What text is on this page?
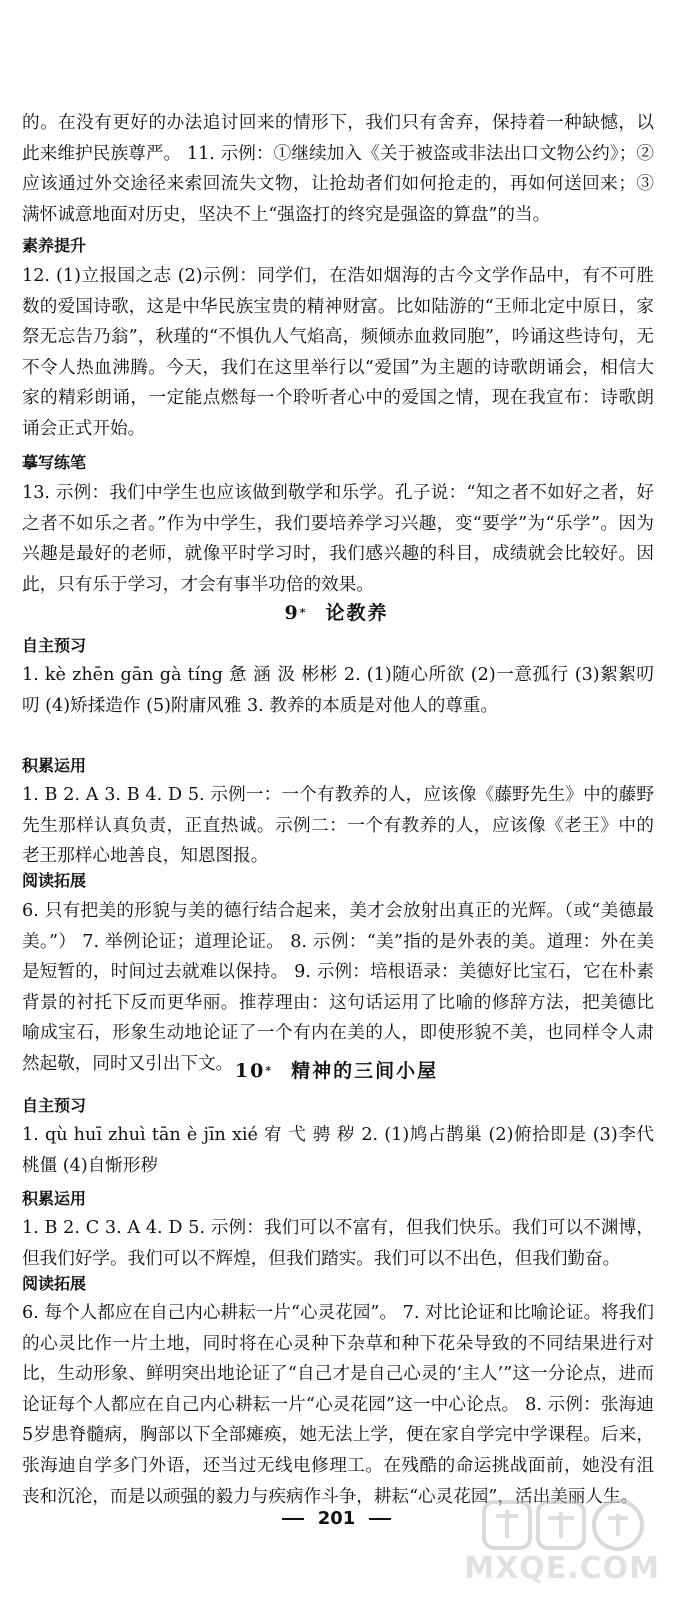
的。在没有更好的办法追讨回来的情形下，我们只有舍弃，保持着一种缺憾，以此来维护民族尊严。 11. 示例：①继续加入《关于被盗或非法出口文物公约》；②应该通过外交途径来索回流失文物，让抢劫者们如何抢走的，再如何送回来；③满怀诚意地面对历史，坚决不上“强盗打的终究是强盗的算盘”的当。

素养提升

12. (1)立报国之志 (2)示例：同学们，在浩如烟海的古今文学作品中，有不可胜数的爱国诗歌，这是中华民族宝贵的精神财富。比如陆游的“王师北定中原日，家祭无忘告乃翁”，秋瑾的“不惧仇人气焰高，频倾赤血救同胞”，吟诵这些诗句，无不令人热血沸腾。今天，我们在这里举行以“爱国”为主题的诗歌朗诵会，相信大家的精彩朗诵，一定能点燃每一个聆听者心中的爱国之情，现在我宣布：诗歌朗诵会正式开始。

摹写练笔

13. 示例：我们中学生也应该做到敬学和乐学。孔子说：“知之者不如好之者，好之者不如乐之者。”作为中学生，我们要培养学习兴趣，变“要学”为“乐学”。因为兴趣是最好的老师，就像平时学习时，我们感兴趣的科目，成绩就会比较好。因此，只有乐于学习，才会有事半功倍的效果。

9* 论教养
自主预习

1. kè zhēn gān gà tíng 惫 涵 汲 彬彬 2. (1)随心所欲 (2)一意孤行 (3)絮絮叨叨 (4)矫揉造作 (5)附庸风雅 3. 教养的本质是对他人的尊重。

积累运用

1. B 2. A 3. B 4. D 5. 示例一：一个有教养的人，应该像《藤野先生》中的藤野先生那样认真负责，正直热诚。示例二：一个有教养的人，应该像《老王》中的老王那样心地善良，知恩图报。

阅读拓展

6. 只有把美的形貌与美的德行结合起来，美才会放射出真正的光辉。（或“美德最美。”） 7. 举例论证；道理论证。 8. 示例：“美”指的是外表的美。道理：外在美是短暂的，时间过去就难以保持。 9. 示例：培根语录：美德好比宝石，它在朴素背景的衬托下反而更华丽。推荐理由：这句话运用了比喻的修辞方法，把美德比喻成宝石，形象生动地论证了一个有内在美的人，即使形貌不美，也同样令人肃然起敬，同时又引出下文。 10* 精神的三间小屋
自主预习

1. qù huī zhuì tān è jīn xié 宥 弋 骋 秽 2. (1)鸠占鹊巢 (2)俯拾即是 (3)李代桃僵 (4)自惭形秽

积累运用

1. B 2. C 3. A 4. D 5. 示例：我们可以不富有，但我们快乐。我们可以不渊博，但我们好学。我们可以不辉煌，但我们踏实。我们可以不出色，但我们勤奋。

阅读拓展

6. 每个人都应在自己内心耕耘一片“心灵花园”。 7. 对比论证和比喻论证。将我们的心灵比作一片土地，同时将在心灵种下杂草和种下花朵导致的不同结果进行对比，生动形象、鲜明突出地论证了“自己才是自己心灵的‘主人’”这一分论点，进而论证每个人都应在自己内心耕耘一片“心灵花园”这一中心论点。 8. 示例：张海迪5岁患脊髓病，胸部以下全部瘫痪，她无法上学，便在家自学完中学课程。后来，张海迪自学多门外语，还当过无线电修理工。在残酷的命运挑战面前，她没有沮丧和沉沦，而是以顽强的毅力与疾病作斗争，耕耘“心灵花园”，活出美丽人生。

201
MXQE.COM
